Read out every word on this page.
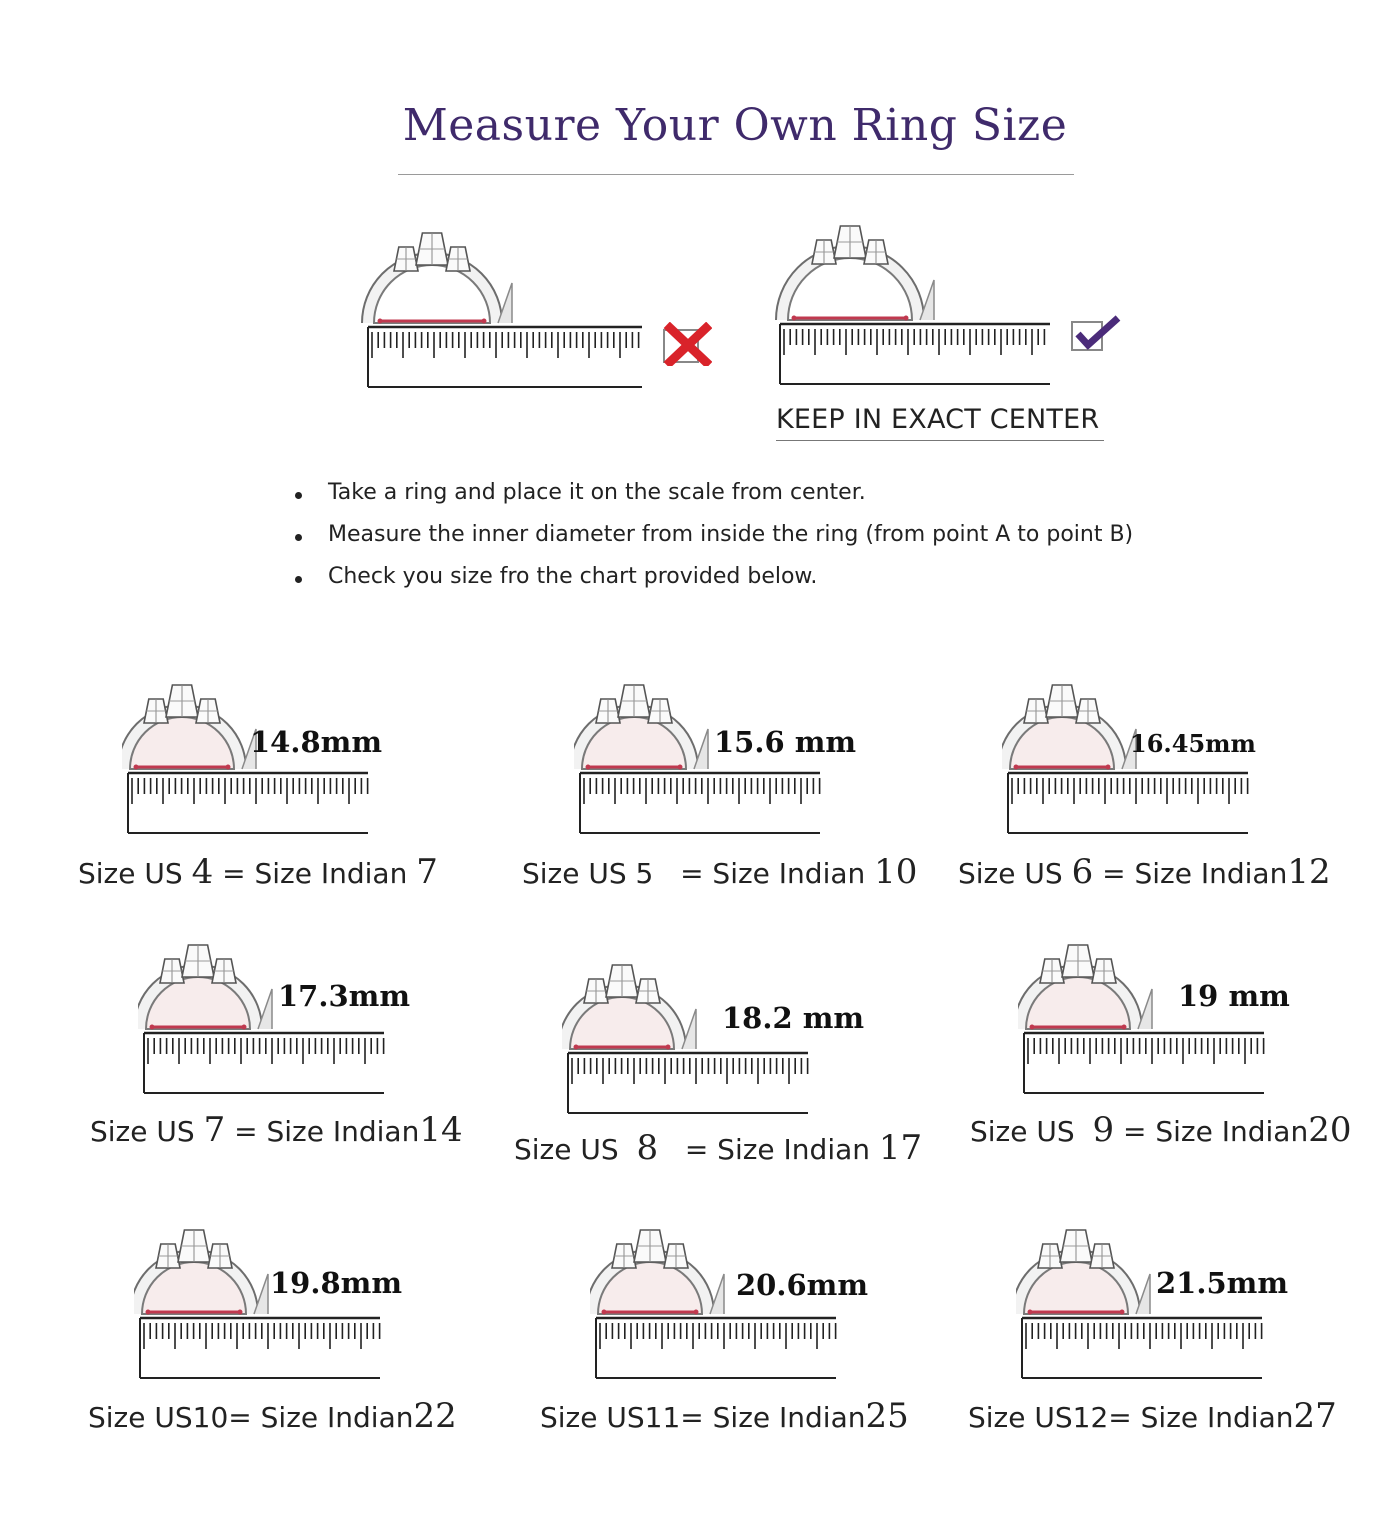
Measure Your Own Ring Size
KEEP IN EXACT CENTER
Take a ring and place it on the scale from center.
Measure the inner diameter from inside the ring (from point A to point B)
Check you size fro the chart provided below.
14.8mm
Size US 4 = Size Indian 7
15.6 mm
Size US 5 = Size Indian 10
16.45mm
Size US 6 = Size Indian12
17.3mm
Size US 7 = Size Indian14
18.2 mm
Size US 8 = Size Indian 17
19 mm
Size US 9 = Size Indian20
19.8mm
Size US10= Size Indian22
20.6mm
Size US11= Size Indian25
21.5mm
Size US12= Size Indian27
